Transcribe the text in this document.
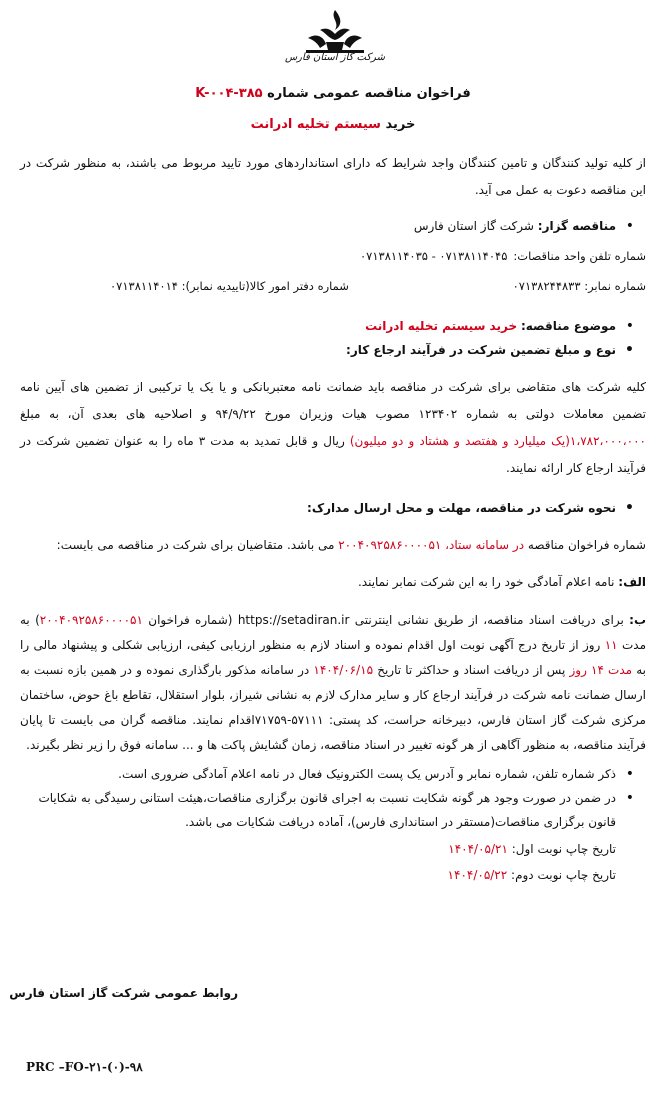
شرکت گاز استان فارس
فراخوان مناقصه عمومی شماره K-۰۰۴-۳۸۵
خرید سیستم تخلیه ادرانت

از کلیه تولید کنندگان و تامین کنندگان واجد شرایط که دارای استانداردهای مورد تایید مربوط می باشند، به منظور شرکت در این مناقصه دعوت به عمل می آید.

• مناقصه گزار: شرکت گاز استان فارس
شماره تلفن واحد مناقصات:
۰۷۱۳۸۱۱۴۰۴۵ - ۰۷۱۳۸۱۱۴۰۳۵
شماره نمابر: ۰۷۱۳۸۲۴۴۸۳۳
شماره دفتر امور کالا(تاییدیه نمابر): ۰۷۱۳۸۱۱۴۰۱۴
• موضوع مناقصه: خرید سیستم تخلیه ادرانت
• نوع و مبلغ تضمین شرکت در فرآیند ارجاع کار:

کلیه شرکت های متقاضی برای شرکت در مناقصه باید ضمانت نامه معتبربانکی و یا یک یا ترکیبی از تضمین های آیین نامه تضمین معاملات دولتی به شماره ۱۲۳۴۰۲ مصوب هیات وزیران مورخ ۹۴/۹/۲۲ و اصلاحیه های بعدی آن، به مبلغ ۱،۷۸۲،۰۰۰،۰۰۰(یک میلیارد و هفتصد و هشتاد و دو میلیون) ریال و قابل تمدید به مدت ۳ ماه را به عنوان تضمین شرکت در فرآیند ارجاع کار ارائه نمایند.

• نحوه شرکت در مناقصه، مهلت و محل ارسال مدارک:

شماره فراخوان مناقصه در سامانه ستاد، ۲۰۰۴۰۹۲۵۸۶۰۰۰۰۵۱ می باشد. متقاضیان برای شرکت در مناقصه می بایست:

الف: نامه اعلام آمادگی خود را به این شرکت نمابر نمایند.

ب: برای دریافت اسناد مناقصه، از طریق نشانی اینترنتی https://setadiran.ir (شماره فراخوان ۲۰۰۴۰۹۲۵۸۶۰۰۰۰۵۱) به مدت ۱۱ روز از تاریخ درج آگهی نوبت اول اقدام نموده و اسناد لازم به منظور ارزیابی کیفی، ارزیابی شکلی و پیشنهاد مالی را به مدت ۱۴ روز پس از دریافت اسناد و حداکثر تا تاریخ ۱۴۰۴/۰۶/۱۵ در سامانه مذکور بارگذاری نموده و در همین بازه نسبت به ارسال ضمانت نامه شرکت در فرآیند ارجاع کار و سایر مدارک لازم به نشانی شیراز، بلوار استقلال، تقاطع باغ حوض، ساختمان مرکزی شرکت گاز استان فارس، دبیرخانه حراست، کد پستی: ۵۷۱۱۱-۷۱۷۵۹اقدام نمایند. مناقصه گران می بایست تا پایان فرآیند مناقصه، به منظور آگاهی از هر گونه تغییر در اسناد مناقصه، زمان گشایش پاکت ها و ... سامانه فوق را زیر نظر بگیرند.

• ذکر شماره تلفن، شماره نمابر و آدرس یک پست الکترونیک فعال در نامه اعلام آمادگی ضروری است.
• در ضمن در صورت وجود هر گونه شکایت نسبت به اجرای قانون برگزاری مناقصات،هیئت استانی رسیدگی به شکایات قانون برگزاری مناقصات(مستقر در استانداری فارس)، آماده دریافت شکایات می باشد.
تاریخ چاپ نوبت اول: ۱۴۰۴/۰۵/۲۱
تاریخ چاپ نوبت دوم: ۱۴۰۴/۰۵/۲۲
روابط عمومی شرکت گاز استان فارس
PRC –FO-۲۱-(۰)-۹۸
